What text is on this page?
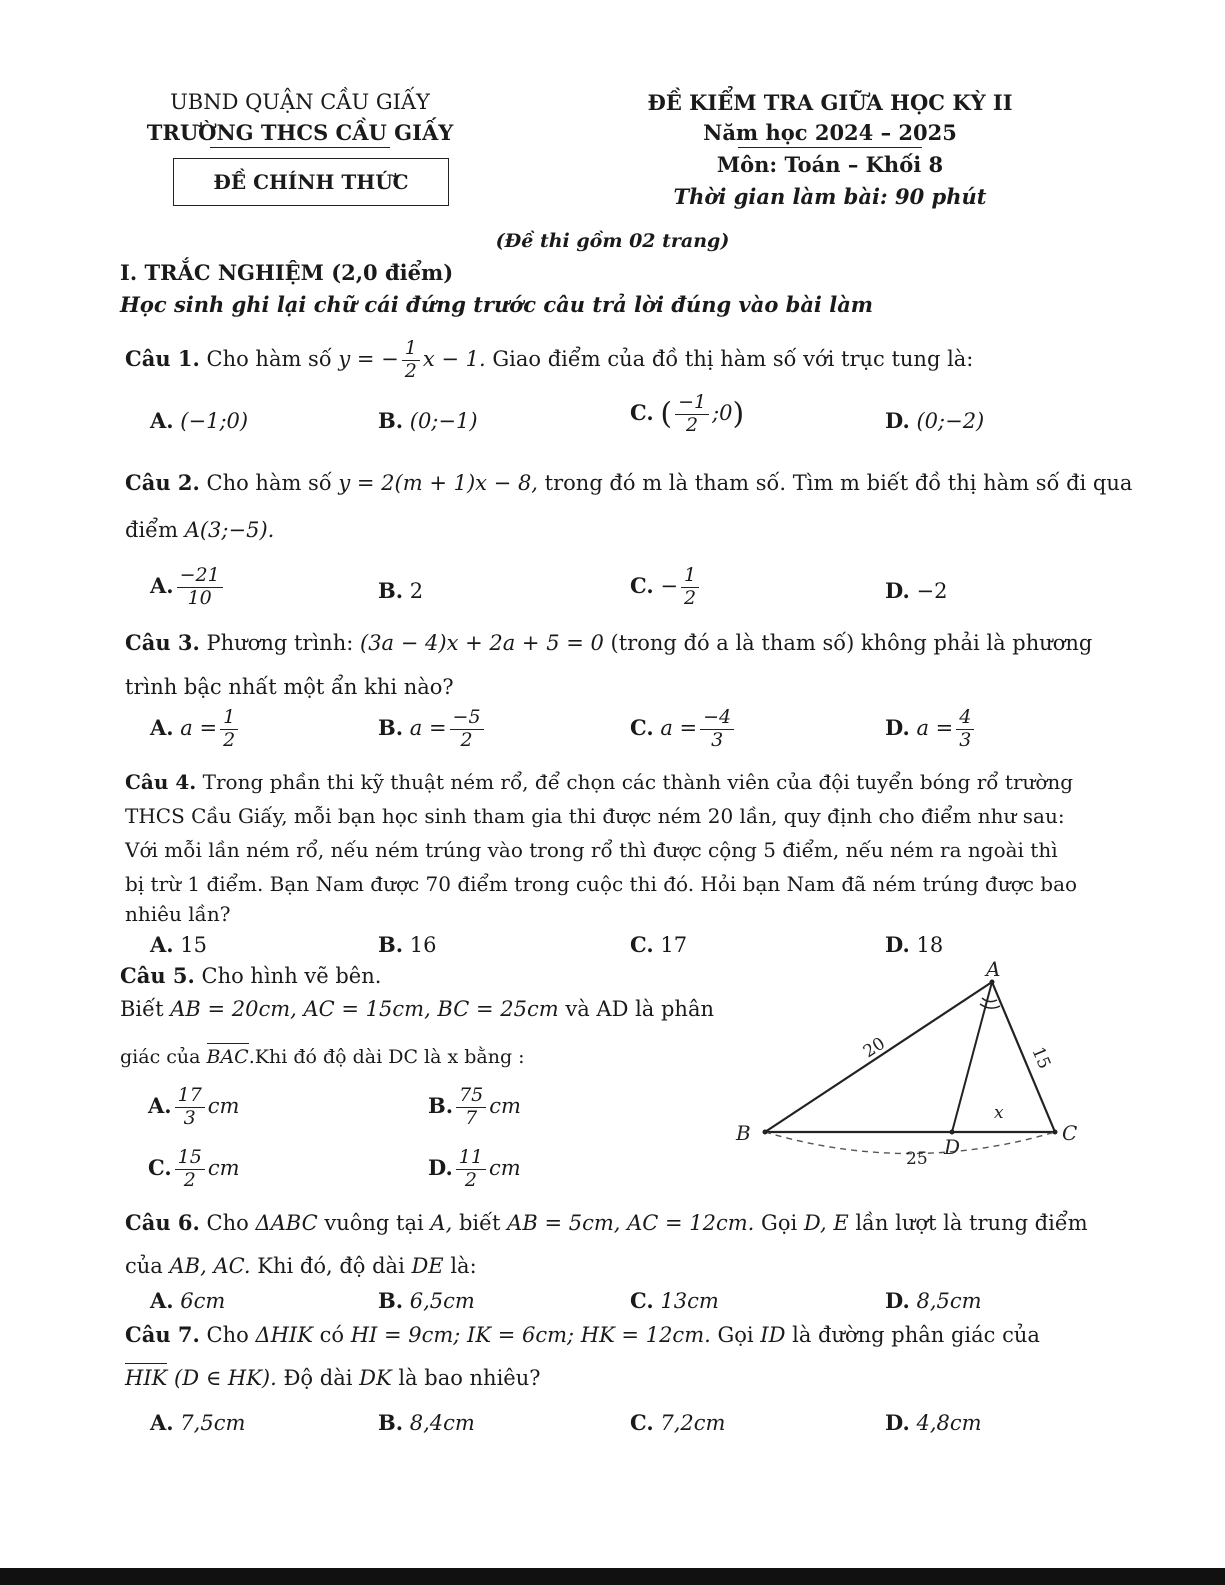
UBND QUẬN CẦU GIẤY
TRƯỜNG THCS CẦU GIẤY
ĐỀ CHÍNH THỨC
ĐỀ KIỂM TRA GIỮA HỌC KỲ II
Năm học 2024 – 2025
Môn: Toán – Khối 8
Thời gian làm bài: 90 phút
(Đề thi gồm 02 trang)
I. TRẮC NGHIỆM (2,0 điểm)
Học sinh ghi lại chữ cái đứng trước câu trả lời đúng vào bài làm
Câu 1. Cho hàm số y = − $\frac{1}{2}$ x − 1. Giao điểm của đồ thị hàm số với trục tung là:
A. (−1;0)	B. (0;−1)	C. ( $\frac{-1}{2}$ ;0)	D. (0;−2)
Câu 2. Cho hàm số y = 2(m + 1)x − 8, trong đó m là tham số. Tìm m biết đồ thị hàm số đi qua
điểm A(3;−5).
A. $\frac{-21}{10}$	B. 2	C. − $\frac{1}{2}$	D. −2
Câu 3. Phương trình: (3a − 4)x + 2a + 5 = 0 (trong đó a là tham số) không phải là phương
trình bậc nhất một ẩn khi nào?
A. $a = \frac{1}{2}$	B. $a = \frac{-5}{2}$	C. $a = \frac{-4}{3}$	D. $a = \frac{4}{3}$
Câu 4. Trong phần thi kỹ thuật ném rổ, để chọn các thành viên của đội tuyển bóng rổ trường
THCS Cầu Giấy, mỗi bạn học sinh tham gia thi được ném 20 lần, quy định cho điểm như sau:
Với mỗi lần ném rổ, nếu ném trúng vào trong rổ thì được cộng 5 điểm, nếu ném ra ngoài thì
bị trừ 1 điểm. Bạn Nam được 70 điểm trong cuộc thi đó. Hỏi bạn Nam đã ném trúng được bao
nhiêu lần?
A. 15	B. 16	C. 17	D. 18
Câu 5. Cho hình vẽ bên.
Biết AB = 20cm, AC = 15cm, BC = 25cm và AD là phân
giác của BAC.Khi đó độ dài DC là x bằng :
A. $\frac{17}{3}$ cm	B. $\frac{75}{7}$ cm
C. $\frac{15}{2}$ cm	D. $\frac{11}{2}$ cm
A
B	C
D
20	15
x
25
Câu 6. Cho ΔABC vuông tại A, biết AB = 5cm, AC = 12cm. Gọi D, E lần lượt là trung điểm
của AB, AC. Khi đó, độ dài DE là:
A. 6cm	B. 6,5cm	C. 13cm	D. 8,5cm
Câu 7. Cho ΔHIK có HI = 9cm; IK = 6cm; HK = 12cm. Gọi ID là đường phân giác của
HIK (D ∈ HK). Độ dài DK là bao nhiêu?
A. 7,5cm	B. 8,4cm	C. 7,2cm	D. 4,8cm
